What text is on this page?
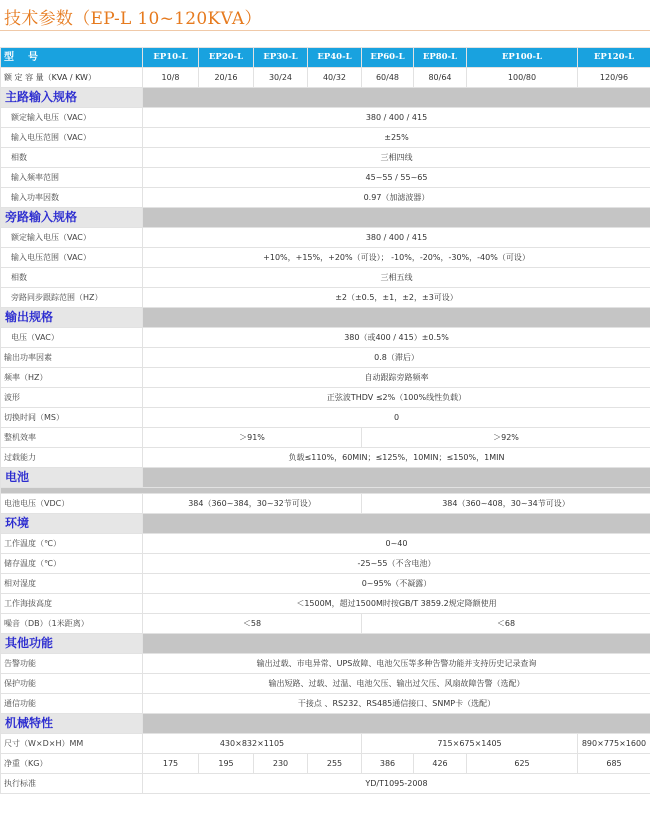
技术参数（EP-L 10~120KVA）
型　号	EP10-L	EP20-L	EP30-L	EP40-L	EP60-L	EP80-L	EP100-L	EP120-L
额 定 容 量（KVA / KW）	10/8	20/16	30/24	40/32	60/48	80/64	100/80	120/96
主路输入规格								
额定输入电压（VAC）	380 / 400 / 415							
输入电压范围（VAC）	±25%							
相数	三相四线							
输入频率范围	45~55 / 55~65							
输入功率因数	0.97（加滤波器）							
旁路输入规格								
额定输入电压（VAC）	380 / 400 / 415							
输入电压范围（VAC）	+10%，+15%，+20%（可设）； -10%，-20%，-30%，-40%（可设）							
相数	三相五线							
旁路同步跟踪范围（HZ）	±2（±0.5，±1，±2，±3可设）							
输出规格								
电压（VAC）	380（或400 / 415）±0.5%							
输出功率因素	0.8（滞后）							
频率（HZ）	自动跟踪旁路频率							
波形	正弦波THDV ≤2%（100%线性负载）							
切换时间（MS）	0							
整机效率	＞91%				＞92%			
过载能力	负载≤110%，60MIN；≤125%，10MIN；≤150%，1MIN							
电池								

电池电压（VDC）	384（360~384，30~32节可设）				384（360~408，30~34节可设）			
环境								
工作温度（℃）	0~40							
储存温度（℃）	-25~55（不含电池）							
相对湿度	0~95%（不凝露）							
工作海拔高度	＜1500M，超过1500M时按GB/T 3859.2规定降额使用							
噪音（DB）（1米距离）	＜58				＜68			
其他功能								
告警功能	输出过载、市电异常、UPS故障、电池欠压等多种告警功能并支持历史记录查询							
保护功能	输出短路、过载、过温、电池欠压、输出过欠压、风扇故障告警（选配）							
通信功能	干接点 、RS232、RS485通信接口、SNMP卡（选配）							
机械特性								
尺寸（W×D×H）MM	430×832×1105				715×675×1405			890×775×1600
净重（KG）	175	195	230	255	386	426	625	685
执行标准	YD/T1095-2008							
